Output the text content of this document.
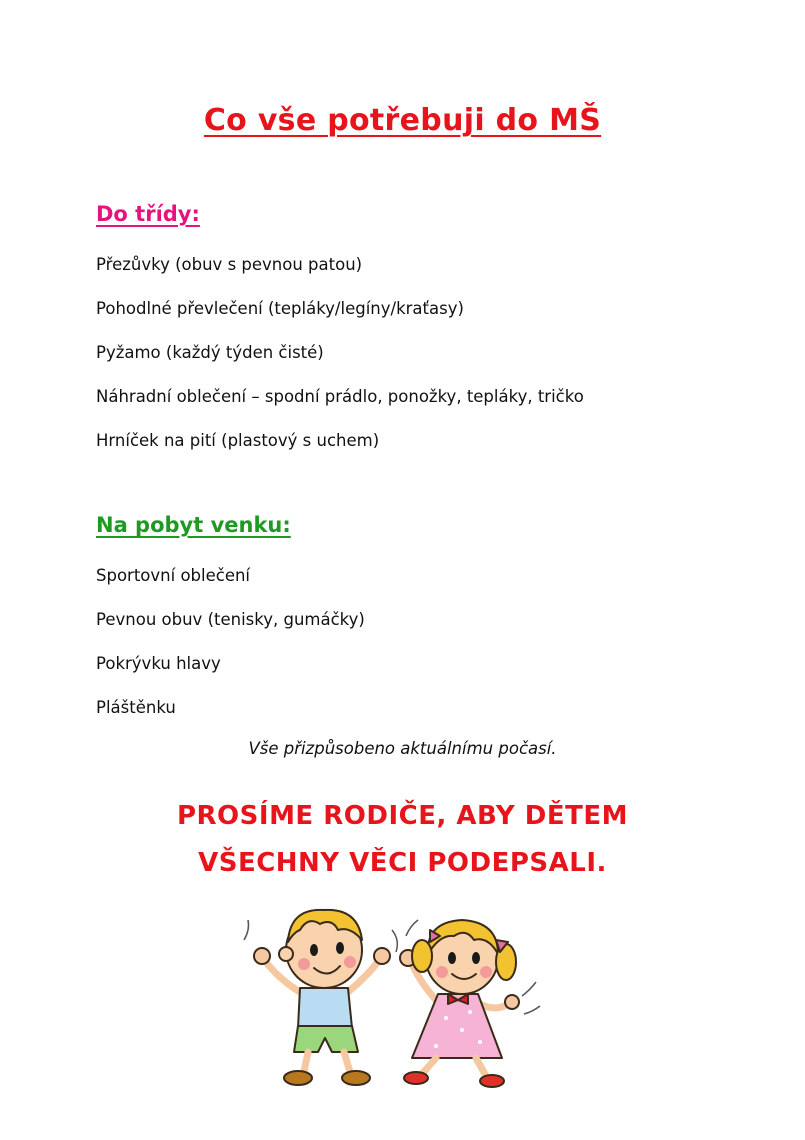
Co vše potřebuji do MŠ
Do třídy:
Přezůvky (obuv s pevnou patou)
Pohodlné převlečení (tepláky/legíny/kraťasy)
Pyžamo (každý týden čisté)
Náhradní oblečení – spodní prádlo, ponožky, tepláky, tričko
Hrníček na pití (plastový s uchem)
Na pobyt venku:
Sportovní oblečení
Pevnou obuv (tenisky, gumáčky)
Pokrývku hlavy
Pláštěnku
Vše přizpůsobeno aktuálnímu počasí.
PROSÍME RODIČE, ABY DĚTEM
VŠECHNY VĚCI PODEPSALI.
